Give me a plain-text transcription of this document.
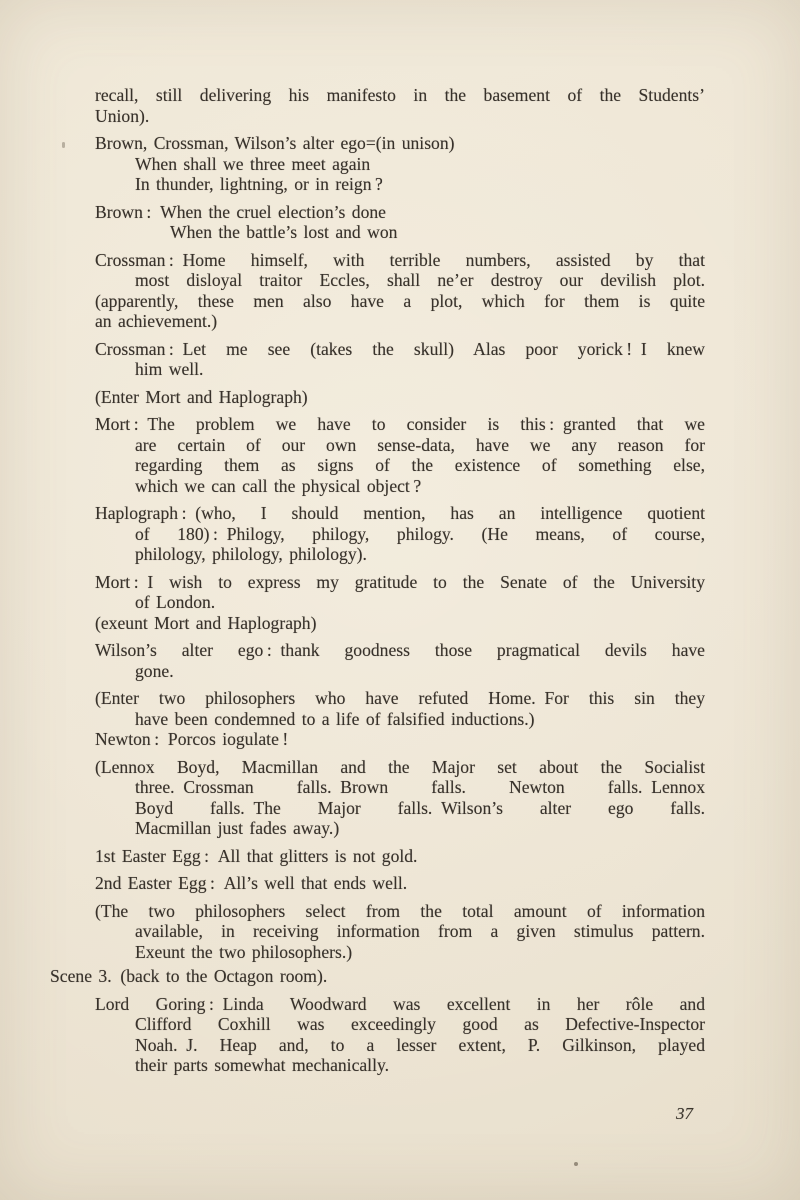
recall, still delivering his manifesto in the basement of the Students’
Union).
Brown, Crossman, Wilson’s alter ego=(in unison)
When shall we three meet again
In thunder, lightning, or in reign ?
Brown : When the cruel election’s done
When the battle’s lost and won
Crossman : Home himself, with terrible numbers, assisted by that
most disloyal traitor Eccles, shall ne’er destroy our devilish plot.
(apparently, these men also have a plot, which for them is quite
an achievement.)
Crossman : Let me see (takes the skull) Alas poor yorick ! I knew
him well.
(Enter Mort and Haplograph)
Mort : The problem we have to consider is this : granted that we
are certain of our own sense-data, have we any reason for
regarding them as signs of the existence of something else,
which we can call the physical object ?
Haplograph : (who, I should mention, has an intelligence quotient
of 180) : Philogy, philogy, philogy. (He means, of course,
philology, philology, philology).
Mort : I wish to express my gratitude to the Senate of the University
of London.
(exeunt Mort and Haplograph)
Wilson’s alter ego : thank goodness those pragmatical devils have
gone.
(Enter two philosophers who have refuted Home. For this sin they
have been condemned to a life of falsified inductions.)
Newton : Porcos iogulate !
(Lennox Boyd, Macmillan and the Major set about the Socialist
three. Crossman falls. Brown falls. Newton falls. Lennox
Boyd falls. The Major falls. Wilson’s alter ego falls.
Macmillan just fades away.)
1st Easter Egg : All that glitters is not gold.
2nd Easter Egg : All’s well that ends well.
(The two philosophers select from the total amount of information
available, in receiving information from a given stimulus pattern.
Exeunt the two philosophers.)
Scene 3. (back to the Octagon room).
Lord Goring : Linda Woodward was excellent in her rôle and
Clifford Coxhill was exceedingly good as Defective-Inspector
Noah. J. Heap and, to a lesser extent, P. Gilkinson, played
their parts somewhat mechanically.
37
